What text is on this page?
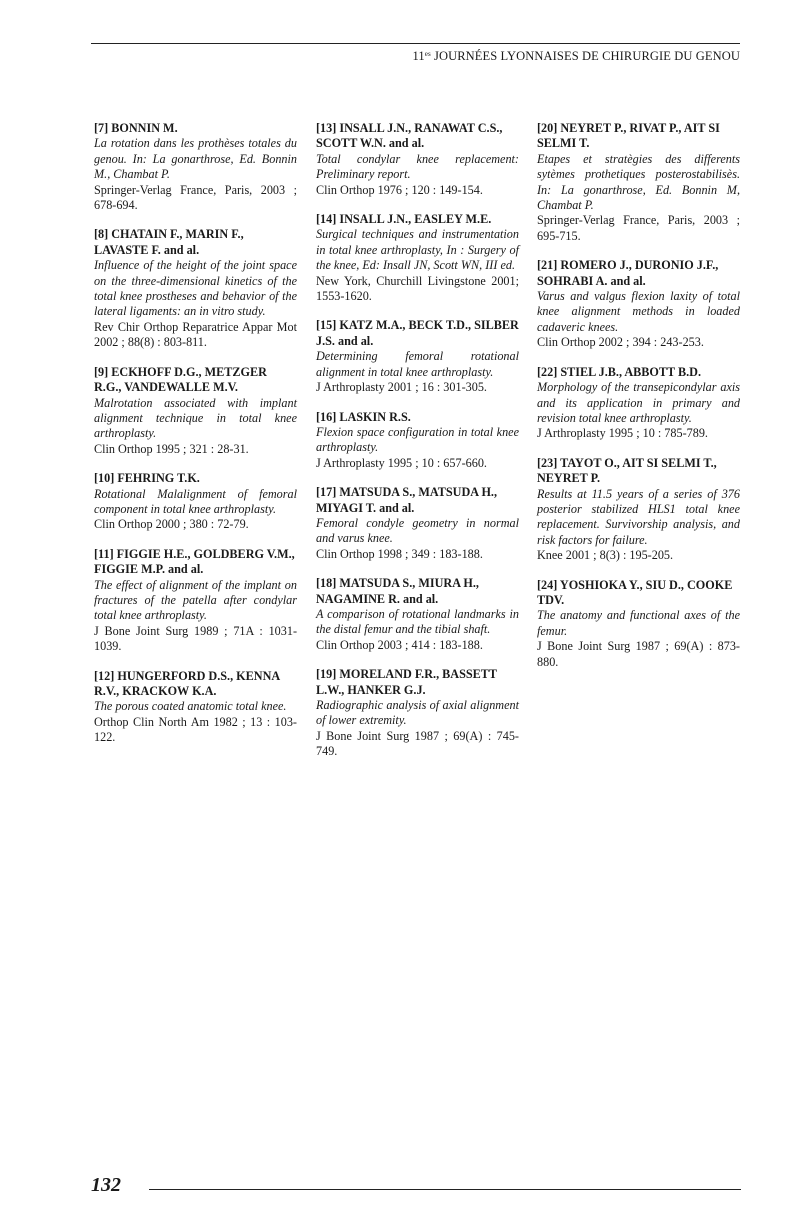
$11^{es}$ JOURNÉES LYONNAISES DE CHIRURGIE DU GENOU

[7] BONNIN M.

La rotation dans les prothèses totales du genou. In: La gonarthrose, Ed. Bonnin M., Chambat P.

Springer-Verlag France, Paris, 2003 ; 678-694.

[8] CHATAIN F., MARIN F., LAVASTE F. and al.

Influence of the height of the joint space on the three-dimensional kinetics of the total knee prostheses and behavior of the lateral ligaments: an in vitro study.

Rev Chir Orthop Reparatrice Appar Mot 2002 ; 88(8) : 803-811.

[9] ECKHOFF D.G., METZGER R.G., VANDEWALLE M.V.

Malrotation associated with implant alignment technique in total knee arthroplasty.

Clin Orthop 1995 ; 321 : 28-31.

[10] FEHRING T.K.

Rotational Malalignment of femoral component in total knee arthroplasty.

Clin Orthop 2000 ; 380 : 72-79.

[11] FIGGIE H.E., GOLDBERG V.M., FIGGIE M.P. and al.

The effect of alignment of the implant on fractures of the patella after condylar total knee arthroplasty.

J Bone Joint Surg 1989 ; 71A : 1031-1039.

[12] HUNGERFORD D.S., KENNA R.V., KRACKOW K.A.

The porous coated anatomic total knee.

Orthop Clin North Am 1982 ; 13 : 103-122.

[13] INSALL J.N., RANAWAT C.S., SCOTT W.N. and al.

Total condylar knee replacement: Preliminary report.

Clin Orthop 1976 ; 120 : 149-154.

[14] INSALL J.N., EASLEY M.E.

Surgical techniques and instrumentation in total knee arthroplasty, In : Surgery of the knee, Ed: Insall JN, Scott WN, III ed.

New York, Churchill Livingstone 2001; 1553-1620.

[15] KATZ M.A., BECK T.D., SILBER J.S. and al.

Determining femoral rotational alignment in total knee arthroplasty.

J Arthroplasty 2001 ; 16 : 301-305.

[16] LASKIN R.S.

Flexion space configuration in total knee arthroplasty.

J Arthroplasty 1995 ; 10 : 657-660.

[17] MATSUDA S., MATSUDA H., MIYAGI T. and al.

Femoral condyle geometry in normal and varus knee.

Clin Orthop 1998 ; 349 : 183-188.

[18] MATSUDA S., MIURA H., NAGAMINE R. and al.

A comparison of rotational landmarks in the distal femur and the tibial shaft.

Clin Orthop 2003 ; 414 : 183-188.

[19] MORELAND F.R., BASSETT L.W., HANKER G.J.

Radiographic analysis of axial alignment of lower extremity.

J Bone Joint Surg 1987 ; 69(A) : 745-749.

[20] NEYRET P., RIVAT P., AIT SI SELMI T.

Etapes et stratègies des differents sytèmes prothetiques posterostabilisès. In: La gonarthrose, Ed. Bonnin M, Chambat P.

Springer-Verlag France, Paris, 2003 ; 695-715.

[21] ROMERO J., DURONIO J.F., SOHRABI A. and al.

Varus and valgus flexion laxity of total knee alignment methods in loaded cadaveric knees.

Clin Orthop 2002 ; 394 : 243-253.

[22] STIEL J.B., ABBOTT B.D.

Morphology of the transepicondylar axis and its application in primary and revision total knee arthroplasty.

J Arthroplasty 1995 ; 10 : 785-789.

[23] TAYOT O., AIT SI SELMI T., NEYRET P.

Results at 11.5 years of a series of 376 posterior stabilized HLS1 total knee replacement. Survivorship analysis, and risk factors for failure.

Knee 2001 ; 8(3) : 195-205.

[24] YOSHIOKA Y., SIU D., COOKE TDV.

The anatomy and functional axes of the femur.

J Bone Joint Surg 1987 ; 69(A) : 873-880.

132
